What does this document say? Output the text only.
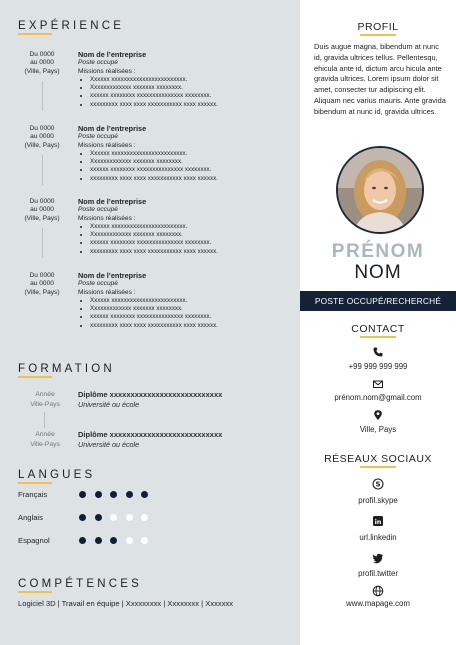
EXPÉRIENCE
Du 0000
au 0000
(Ville, Pays)
Nom de l’entreprise
Poste occupé
Missions réalisées :
• Xxxxxx xxxxxxxxxxxxxxxxxxxxxxxx.
• Xxxxxxxxxxxxx xxxxxxx xxxxxxxx.
• xxxxxx xxxxxxxx xxxxxxxxxxxxxxx xxxxxxxx.
• xxxxxxxxx xxxx xxxx xxxxxxxxxxx xxxx xxxxxx.
Du 0000
au 0000
(Ville, Pays)
Nom de l’entreprise
Poste occupé
Missions réalisées :
• Xxxxxx xxxxxxxxxxxxxxxxxxxxxxxx.
• Xxxxxxxxxxxxx xxxxxxx xxxxxxxx.
• xxxxxx xxxxxxxx xxxxxxxxxxxxxxx xxxxxxxx.
• xxxxxxxxx xxxx xxxx xxxxxxxxxxx xxxx xxxxxx.
Du 0000
au 0000
(Ville, Pays)
Nom de l’entreprise
Poste occupé
Missions réalisées :
• Xxxxxx xxxxxxxxxxxxxxxxxxxxxxxx.
• Xxxxxxxxxxxxx xxxxxxx xxxxxxxx.
• xxxxxx xxxxxxxx xxxxxxxxxxxxxxx xxxxxxxx.
• xxxxxxxxx xxxx xxxx xxxxxxxxxxx xxxx xxxxxx.
Du 0000
au 0000
(Ville, Pays)
Nom de l’entreprise
Poste occupé
Missions réalisées :
• Xxxxxx xxxxxxxxxxxxxxxxxxxxxxxx.
• Xxxxxxxxxxxxx xxxxxxx xxxxxxxx.
• xxxxxx xxxxxxxx xxxxxxxxxxxxxxx xxxxxxxx.
• xxxxxxxxx xxxx xxxx xxxxxxxxxxx xxxx xxxxxx.
FORMATION
Année
Ville-Pays
Diplôme xxxxxxxxxxxxxxxxxxxxxxxxxxx
Université ou école
Année
Ville-Pays
Diplôme xxxxxxxxxxxxxxxxxxxxxxxxxxx
Université ou école
LANGUES
Français
Anglais
Espagnol
COMPÉTENCES
Logiciel 3D | Travail en équipe | Xxxxxxxxx | Xxxxxxxx | Xxxxxxx
PROFIL
Duis augue magna, bibendum at nunc id, gravida ultrices tellus. Pellentesqu, ehicula ante id, dictum arcu hicula ante gravida ultrices. Lorem ipsum dolor sit amet, consecter tur adipiscing elit. Aliquam nec varius mauris. Ante gravida bibendum at nunc id, gravida ultrices.
PRÉNOM
NOM
POSTE OCCUPÉ/RECHERCHÉ
CONTACT
+99 999 999 999
prénom.nom@gmail.com
Ville, Pays
RÉSEAUX SOCIAUX
S
profil.skype
in
url.linkedin
profil.twitter
www.mapage.com
